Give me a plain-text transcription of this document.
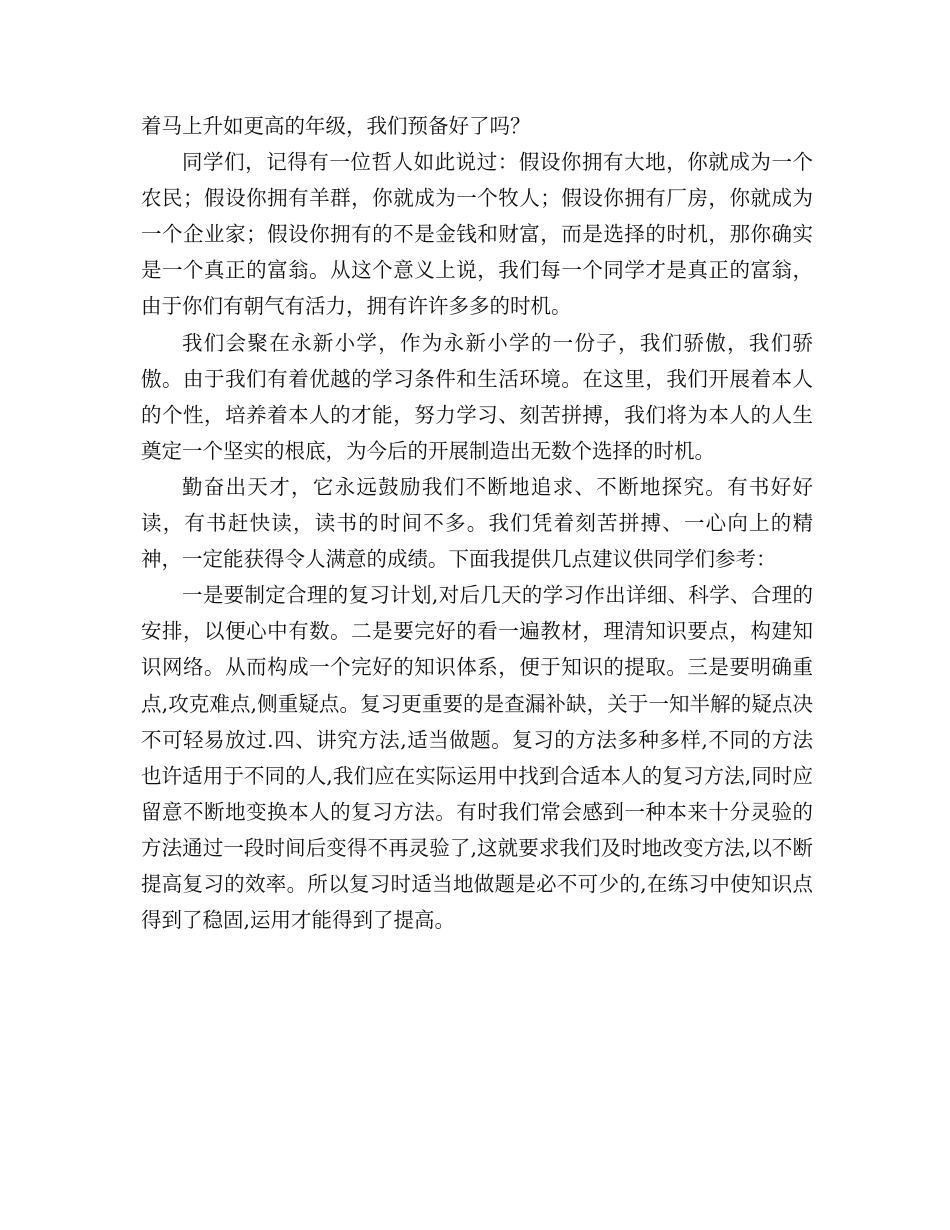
着马上升如更高的年级，我们预备好了吗？

同学们，记得有一位哲人如此说过：假设你拥有大地，你就成为一个农民；假设你拥有羊群，你就成为一个牧人；假设你拥有厂房，你就成为一个企业家；假设你拥有的不是金钱和财富，而是选择的时机，那你确实是一个真正的富翁。从这个意义上说，我们每一个同学才是真正的富翁，由于你们有朝气有活力，拥有许许多多的时机。

我们会聚在永新小学，作为永新小学的一份子，我们骄傲，我们骄傲。由于我们有着优越的学习条件和生活环境。在这里，我们开展着本人的个性，培养着本人的才能，努力学习、刻苦拼搏，我们将为本人的人生奠定一个坚实的根底，为今后的开展制造出无数个选择的时机。

勤奋出天才，它永远鼓励我们不断地追求、不断地探究。有书好好读，有书赶快读，读书的时间不多。我们凭着刻苦拼搏、一心向上的精神，一定能获得令人满意的成绩。下面我提供几点建议供同学们参考：

一是要制定合理的复习计划,对后几天的学习作出详细、科学、合理的安排，以便心中有数。二是要完好的看一遍教材，理清知识要点，构建知识网络。从而构成一个完好的知识体系，便于知识的提取。三是要明确重点,攻克难点,侧重疑点。复习更重要的是查漏补缺，关于一知半解的疑点决不可轻易放过.四、讲究方法,适当做题。复习的方法多种多样,不同的方法也许适用于不同的人,我们应在实际运用中找到合适本人的复习方法,同时应留意不断地变换本人的复习方法。有时我们常会感到一种本来十分灵验的方法通过一段时间后变得不再灵验了,这就要求我们及时地改变方法,以不断提高复习的效率。所以复习时适当地做题是必不可少的,在练习中使知识点得到了稳固,运用才能得到了提高。
